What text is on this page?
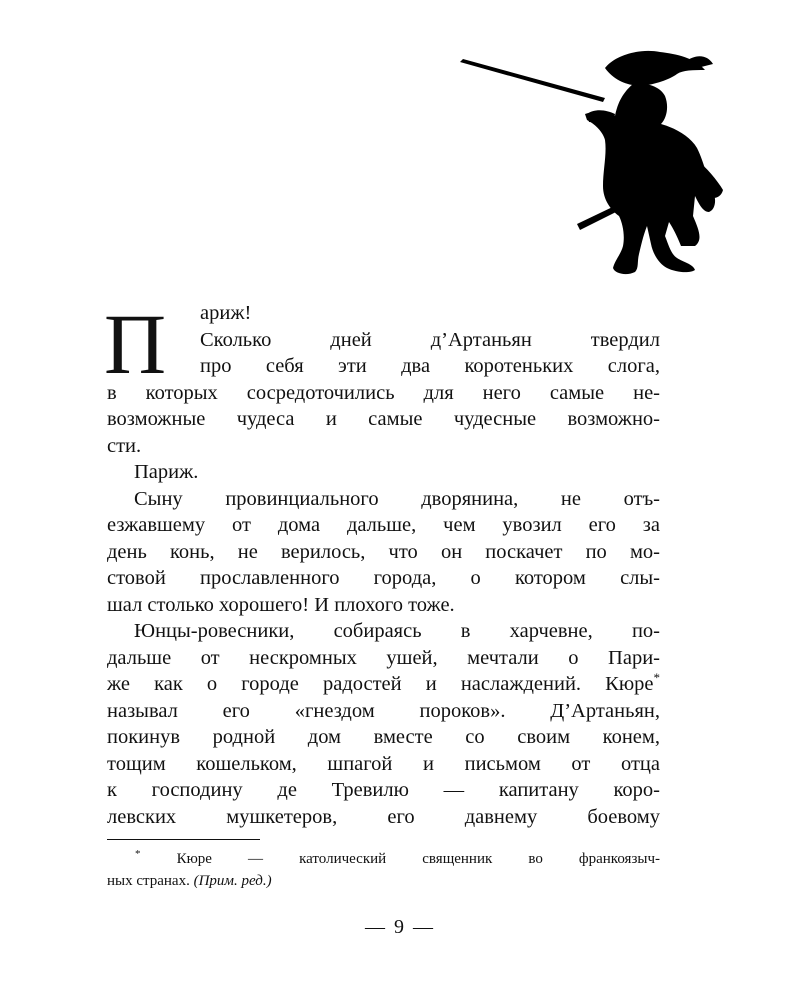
П	ариж!
Сколько дней д’Артаньян твердил
про себя эти два коротеньких слога,
в которых сосредоточились для него самые не-
возможные чудеса и самые чудесные возможно-
сти.
Париж.
Сыну провинциального дворянина, не отъ-
езжавшему от дома дальше, чем увозил его за
день конь, не верилось, что он поскачет по мо-
стовой прославленного города, о котором слы-
шал столько хорошего! И плохого тоже.
Юнцы-ровесники, собираясь в харчевне, по-
дальше от нескромных ушей, мечтали о Пари-
же как о городе радостей и наслаждений. Кюре*
называл его «гнездом пороков». Д’Артаньян,
покинув родной дом вместе со своим конем,
тощим кошельком, шпагой и письмом от отца
к господину де Тревилю — капитану коро-
левских мушкетеров, его давнему боевому
* Кюре — католический священник во франкоязыч-
ных странах. (Прим. ред.)
— 9 —
